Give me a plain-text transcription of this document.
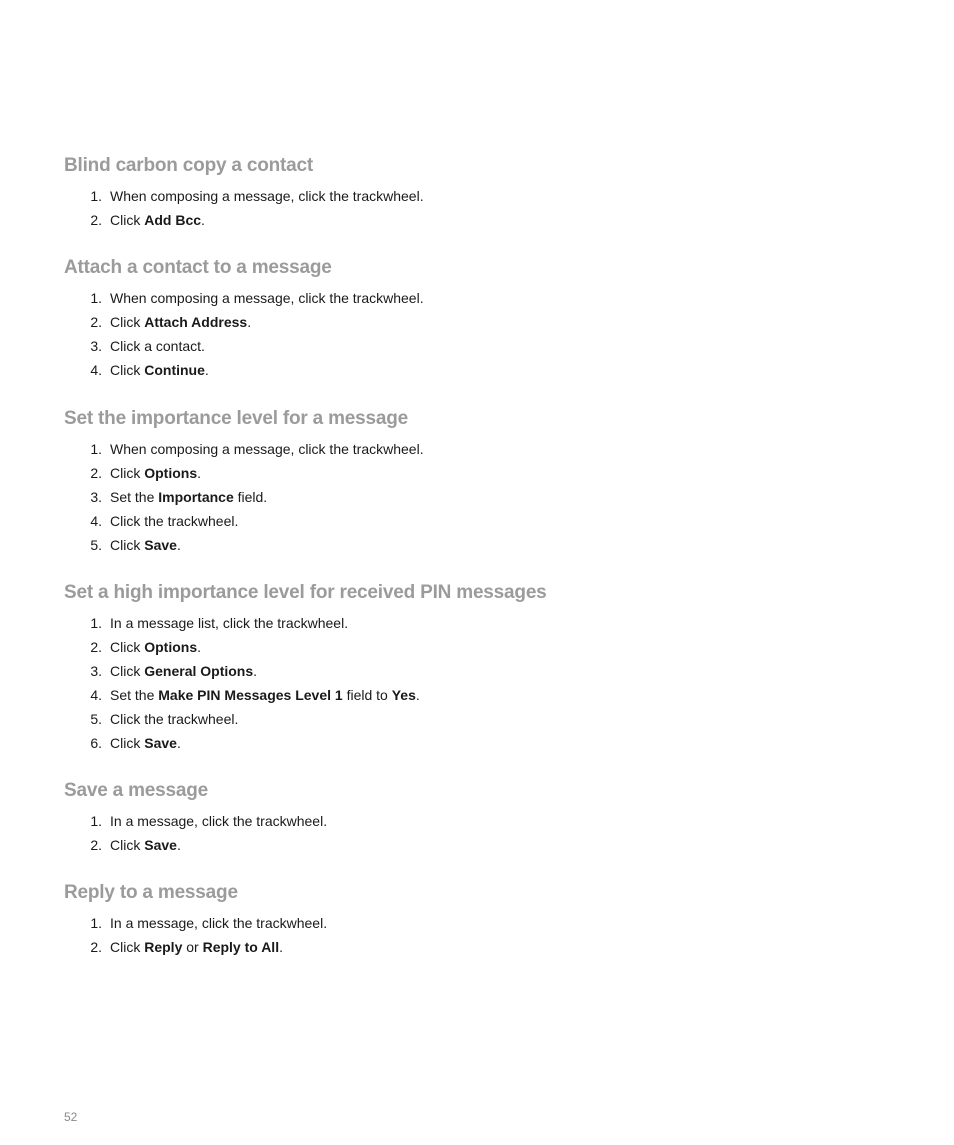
Blind carbon copy a contact
1. When composing a message, click the trackwheel.
2. Click Add Bcc.
Attach a contact to a message
1. When composing a message, click the trackwheel.
2. Click Attach Address.
3. Click a contact.
4. Click Continue.
Set the importance level for a message
1. When composing a message, click the trackwheel.
2. Click Options.
3. Set the Importance field.
4. Click the trackwheel.
5. Click Save.
Set a high importance level for received PIN messages
1. In a message list, click the trackwheel.
2. Click Options.
3. Click General Options.
4. Set the Make PIN Messages Level 1 field to Yes.
5. Click the trackwheel.
6. Click Save.
Save a message
1. In a message, click the trackwheel.
2. Click Save.
Reply to a message
1. In a message, click the trackwheel.
2. Click Reply or Reply to All.
52
